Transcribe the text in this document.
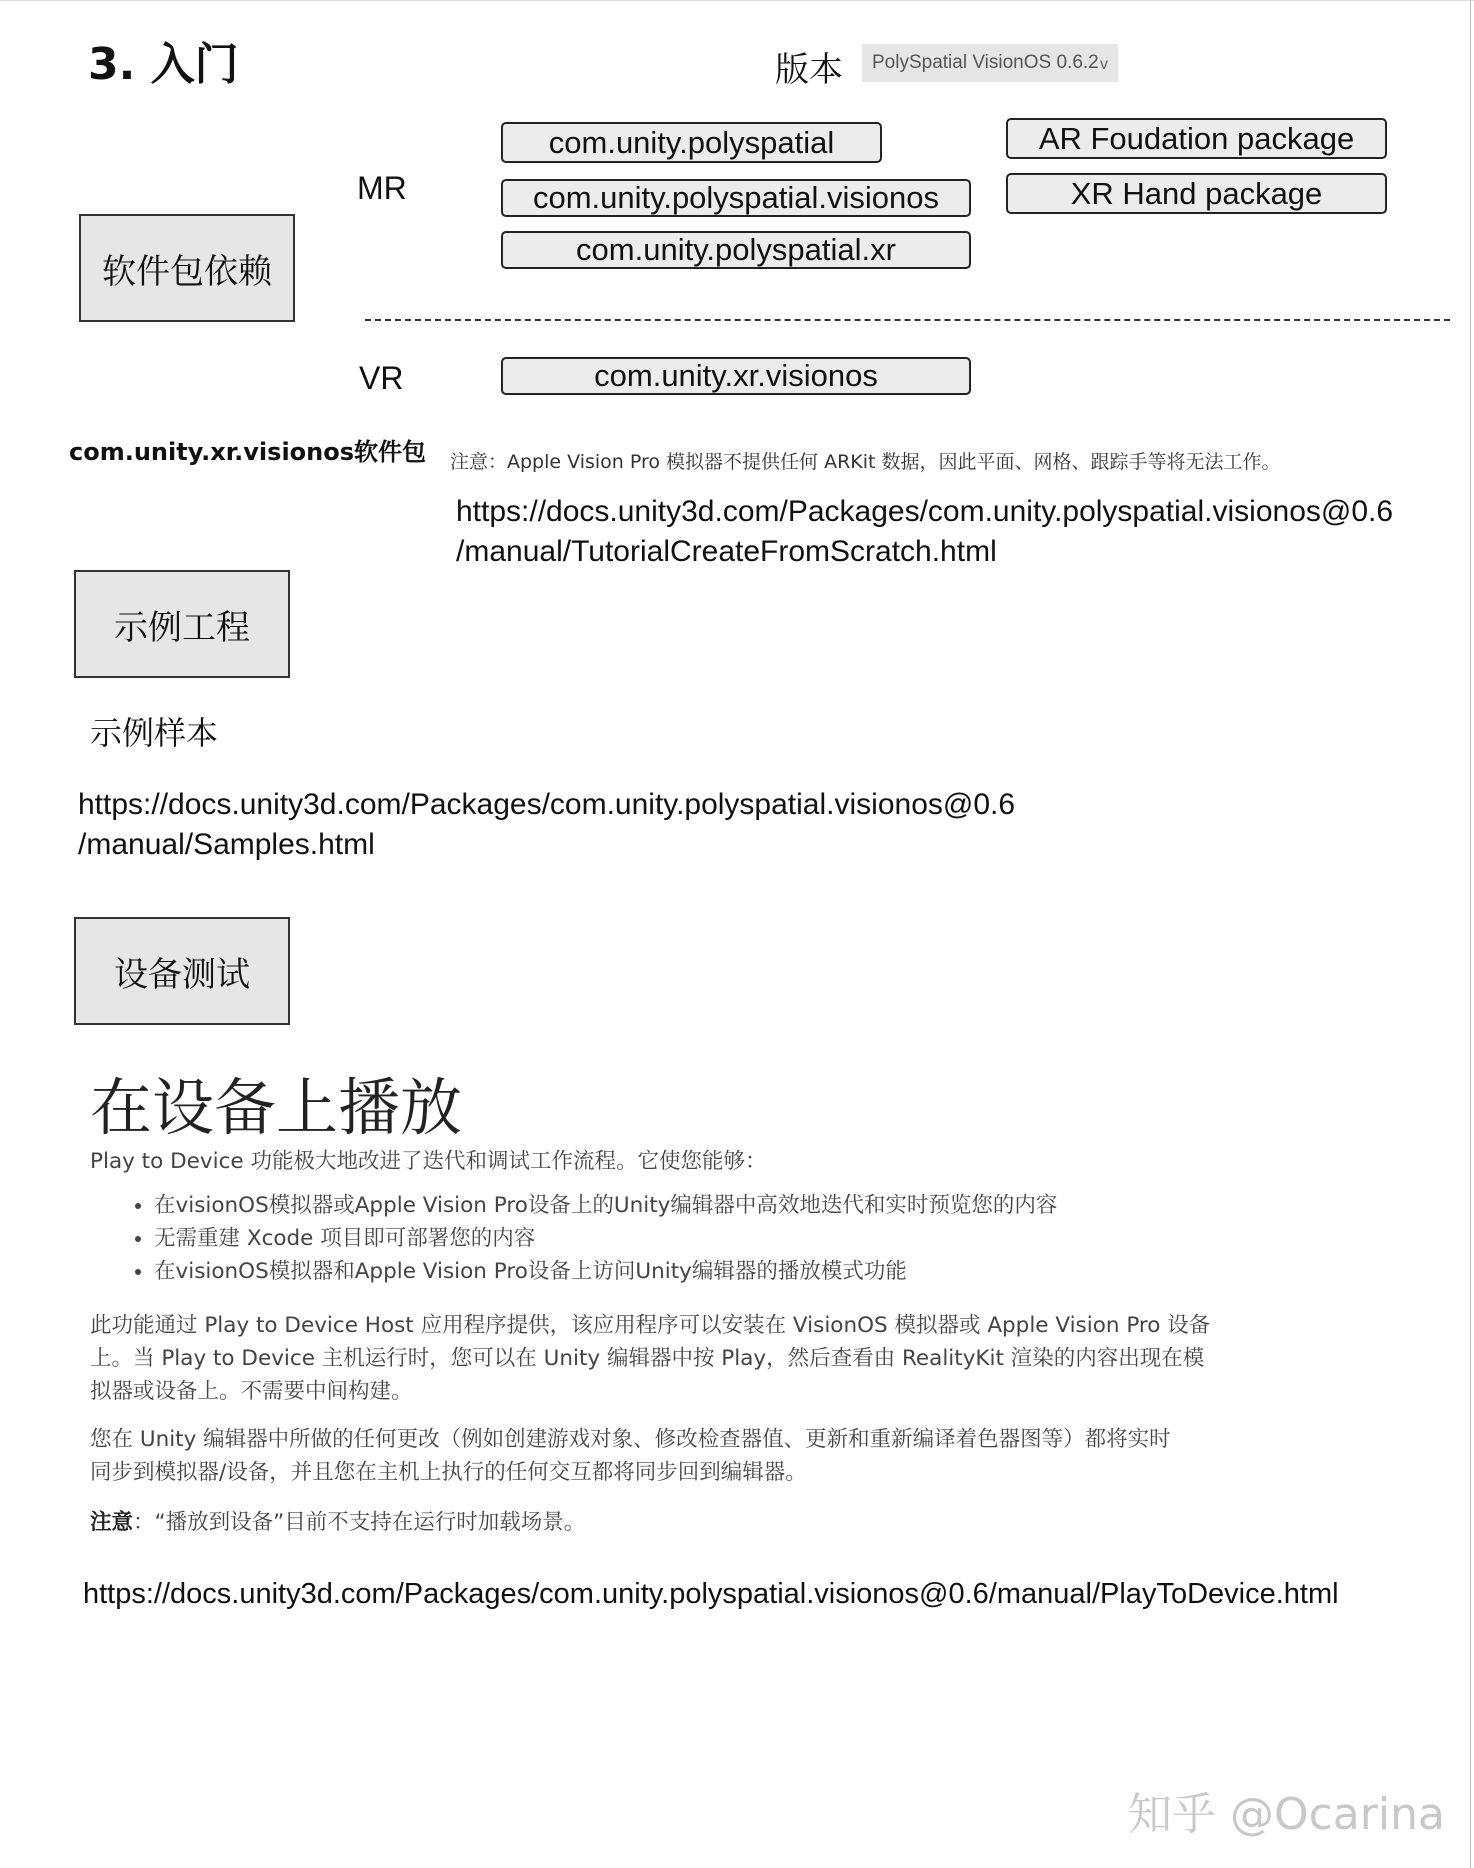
3. 入门	版本	PolySpatial VisionOS 0.6.2 v
软件包依赖
MR
com.unity.polyspatial
com.unity.polyspatial.visionos
com.unity.polyspatial.xr
AR Foudation package
XR Hand package
VR	com.unity.xr.visionos
com.unity.xr.visionos软件包 注意：Apple Vision Pro 模拟器不提供任何 ARKit 数据，因此平面、网格、跟踪手等将无法工作。
https://docs.unity3d.com/Packages/com.unity.polyspatial.visionos@0.6
/manual/TutorialCreateFromScratch.html
示例工程
示例样本
https://docs.unity3d.com/Packages/com.unity.polyspatial.visionos@0.6
/manual/Samples.html
设备测试
在设备上播放
Play to Device 功能极大地改进了迭代和调试工作流程。它使您能够：
• 在visionOS模拟器或Apple Vision Pro设备上的Unity编辑器中高效地迭代和实时预览您的内容
• 无需重建 Xcode 项目即可部署您的内容
• 在visionOS模拟器和Apple Vision Pro设备上访问Unity编辑器的播放模式功能
此功能通过 Play to Device Host 应用程序提供，该应用程序可以安装在 VisionOS 模拟器或 Apple Vision Pro 设备
上。当 Play to Device 主机运行时，您可以在 Unity 编辑器中按 Play，然后查看由 RealityKit 渲染的内容出现在模
拟器或设备上。不需要中间构建。
您在 Unity 编辑器中所做的任何更改（例如创建游戏对象、修改检查器值、更新和重新编译着色器图等）都将实时
同步到模拟器/设备，并且您在主机上执行的任何交互都将同步回到编辑器。
注意：“播放到设备”目前不支持在运行时加载场景。
https://docs.unity3d.com/Packages/com.unity.polyspatial.visionos@0.6/manual/PlayToDevice.html
知乎 @Ocarina
